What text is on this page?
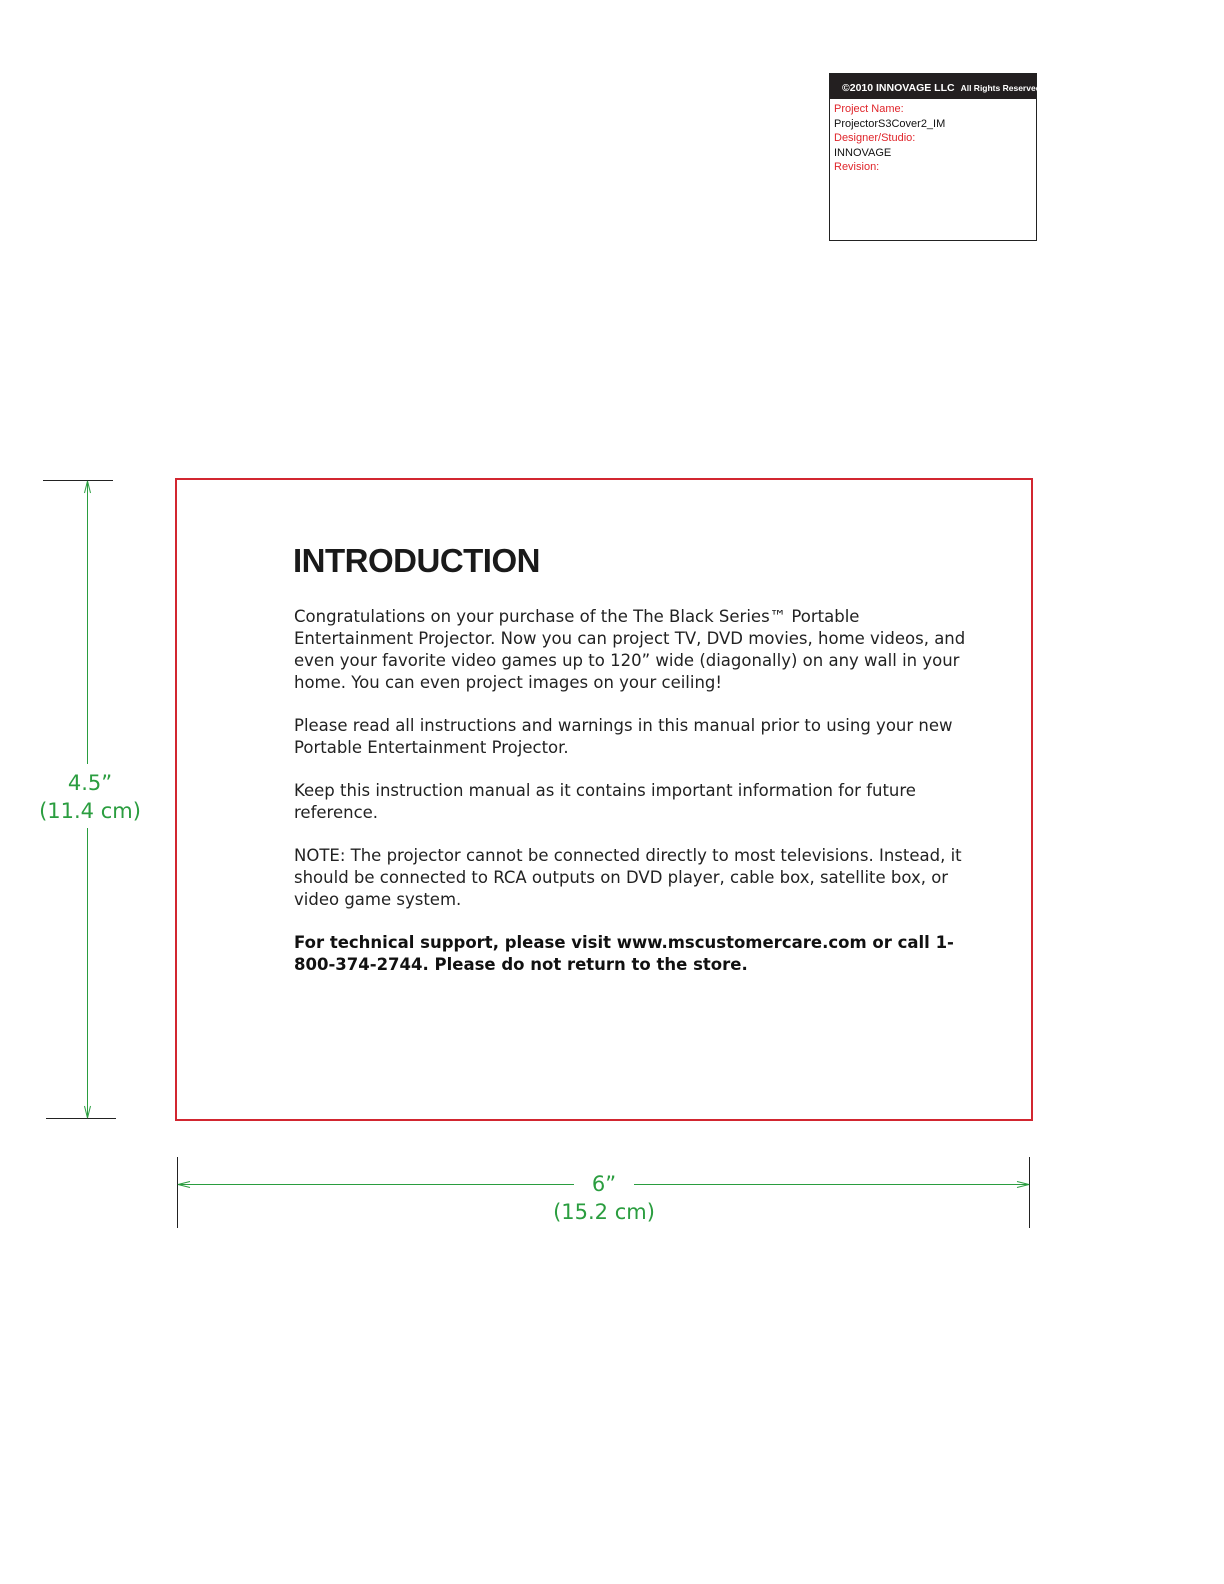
©2010 INNOVAGE LLC All Rights Reserved.
Project Name:
ProjectorS3Cover2_IM
Designer/Studio:
INNOVAGE
Revision:
4.5”
(11.4 cm)
INTRODUCTION

Congratulations on your purchase of the The Black Series™ Portable Entertainment Projector. Now you can project TV, DVD movies, home videos, and even your favorite video games up to 120” wide (diagonally) on any wall in your home. You can even project images on your ceiling!

Please read all instructions and warnings in this manual prior to using your new Portable Entertainment Projector.

Keep this instruction manual as it contains important information for future reference.

NOTE: The projector cannot be connected directly to most televisions. Instead, it should be connected to RCA outputs on DVD player, cable box, satellite box, or video game system.

For technical support, please visit www.mscustomercare.com or call 1-800-374-2744. Please do not return to the store.

6”
(15.2 cm)
